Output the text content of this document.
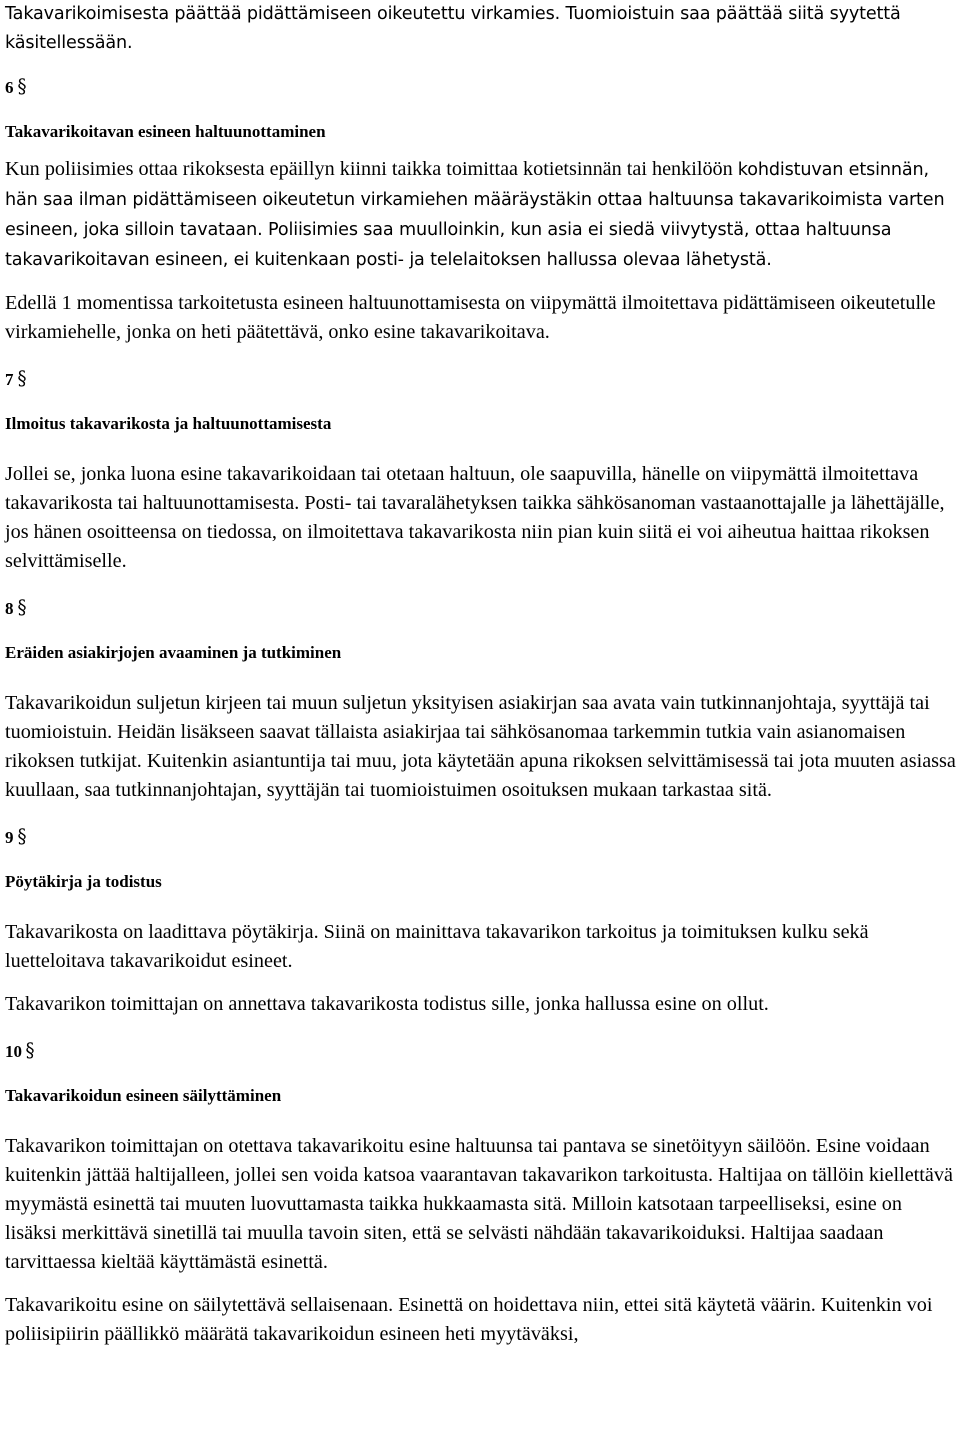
Takavarikoimisesta päättää pidättämiseen oikeutettu virkamies. Tuomioistuin saa päättää siitä syytettä käsitellessään.

6 §

Takavarikoitavan esineen haltuunottaminen

Kun poliisimies ottaa rikoksesta epäillyn kiinni taikka toimittaa kotietsinnän tai henkilöön kohdistuvan etsinnän, hän saa ilman pidättämiseen oikeutetun virkamiehen määräystäkin ottaa haltuunsa takavarikoimista varten esineen, joka silloin tavataan. Poliisimies saa muulloinkin, kun asia ei siedä viivytystä, ottaa haltuunsa takavarikoitavan esineen, ei kuitenkaan posti- ja telelaitoksen hallussa olevaa lähetystä.

Edellä 1 momentissa tarkoitetusta esineen haltuunottamisesta on viipymättä ilmoitettava pidättämiseen oikeutetulle virkamiehelle, jonka on heti päätettävä, onko esine takavarikoitava.

7 §

Ilmoitus takavarikosta ja haltuunottamisesta

Jollei se, jonka luona esine takavarikoidaan tai otetaan haltuun, ole saapuvilla, hänelle on viipymättä ilmoitettava takavarikosta tai haltuunottamisesta. Posti- tai tavaralähetyksen taikka sähkösanoman vastaanottajalle ja lähettäjälle, jos hänen osoitteensa on tiedossa, on ilmoitettava takavarikosta niin pian kuin siitä ei voi aiheutua haittaa rikoksen selvittämiselle.

8 §

Eräiden asiakirjojen avaaminen ja tutkiminen

Takavarikoidun suljetun kirjeen tai muun suljetun yksityisen asiakirjan saa avata vain tutkinnanjohtaja, syyttäjä tai tuomioistuin. Heidän lisäkseen saavat tällaista asiakirjaa tai sähkösanomaa tarkemmin tutkia vain asianomaisen rikoksen tutkijat. Kuitenkin asiantuntija tai muu, jota käytetään apuna rikoksen selvittämisessä tai jota muuten asiassa kuullaan, saa tutkinnanjohtajan, syyttäjän tai tuomioistuimen osoituksen mukaan tarkastaa sitä.

9 §

Pöytäkirja ja todistus

Takavarikosta on laadittava pöytäkirja. Siinä on mainittava takavarikon tarkoitus ja toimituksen kulku sekä luetteloitava takavarikoidut esineet.

Takavarikon toimittajan on annettava takavarikosta todistus sille, jonka hallussa esine on ollut.

10 §

Takavarikoidun esineen säilyttäminen

Takavarikon toimittajan on otettava takavarikoitu esine haltuunsa tai pantava se sinetöityyn säilöön. Esine voidaan kuitenkin jättää haltijalleen, jollei sen voida katsoa vaarantavan takavarikon tarkoitusta. Haltijaa on tällöin kiellettävä myymästä esinettä tai muuten luovuttamasta taikka hukkaamasta sitä. Milloin katsotaan tarpeelliseksi, esine on lisäksi merkittävä sinetillä tai muulla tavoin siten, että se selvästi nähdään takavarikoiduksi. Haltijaa saadaan tarvittaessa kieltää käyttämästä esinettä.

Takavarikoitu esine on säilytettävä sellaisenaan. Esinettä on hoidettava niin, ettei sitä käytetä väärin. Kuitenkin voi poliisipiirin päällikkö määrätä takavarikoidun esineen heti myytäväksi,
